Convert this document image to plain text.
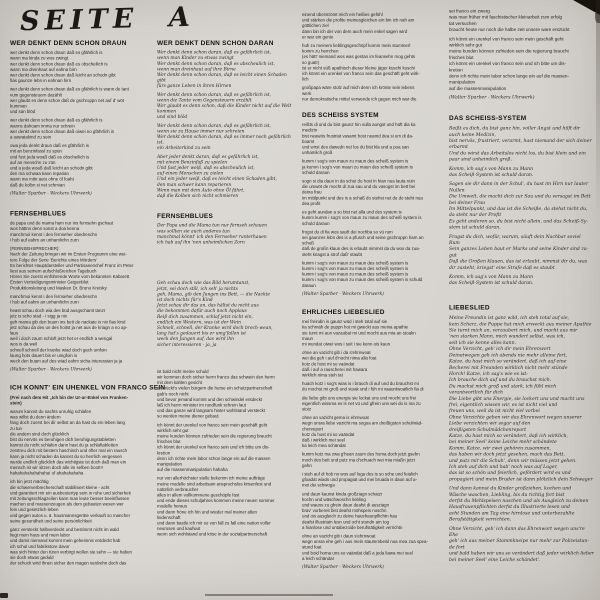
SEITE A
WER DENKT DENN SCHON DRAUN
wer denkt denn schon draun daß es gfährlich is
wann ma kinda zu wos zwingt
wer denkt denn schon draun daß es obscheilich is
wann ma dreinhaut auf eahna birn
wer denkt denn schon draun daß leicht an schodn gibt
fias gaunze lebn in eahnan hirn
wer denkt denn schon draun daß es gfährlich is wann de tant
vum gegensteuern dazählt
wer glaubt es denn schon daß de gschroppn net auf d' wöt
kumman
und san blöd
wer denkt denn schon draun daß es gfährlich is
wanns dahoam imma nur schrein
wer denkt denn schon draun daß oiwei no gfährlich is
a oawatakind zu sein
owa jeda denkt draun daß es gfährlich is
mit an benzinfassl zu spün
und fost jeda woaß daß es obscheilich is
auf an menschn zu zün
und a jeda woaß daß leicht an schodn gibt
den ma schwaa kann reparian
wann ma mitn auto ohne öl foaht
daß de kolbn si net schmian
(Walter Sparber - Weckers Uhrwerk)
FERNSEHBLUES
de papa und de mama ham nur ins fernsehn gschaut
wos hättns denn sonst a doa kenna
manchmoi kennt i den fernseher obedreschn
i hob auf eahm an unhamlichn zurn
(FERNSEHSPRECHER):
Nach der Zeitung bringen wir im Ersten Programm eine wei-
tere Folge der Serie 'Berichte eines Mörders'
Es berichtet Hauptdarsteller und Partisanenchef Franz im Peter
liest aus seinem aufschlußreichen Tagebuch
Hören Sie zuerst einführende Worte vom bekannten Kabarett
Ersten Verteidigungsminister Geigenblut
Produktionsleitung und Masken Dr. Bruno Kreisky
manchmoi kennt i den fernseher obedreschn
i hob auf eahm an unhamlichn zurn
heast schau doch wia des büd ausgschamt tanzt
jetz is scho stad - i sigg ja nix
geh mama gib den buam ins bett de nackate is nix fias kind
jetz schau da des un des hoitst ja net aus de kriagn a no ap-
laus
weil i doch zaum schloft jetzt het er endlich a wengal
wos is da weil
schnell schnell der kranke wiad doch gach umfoin
laung hots dauert bis er umgfoin is
weck den buam auf des wiad eahm sicha interessian ja ja
(Walter Sparber - Weckers Uhrwerk)
ICH KONNT' EIN UHENKEL VON FRANCO SEIN
(Frei nach dem Hit „Ich bin der Ur-ur-Enkel von Franken-
stein)
warum kannst du nachts unruhig schlafen
was willst du denn ändern
fang doch zuerst bei dir selbst an da hast du ein leben lang
zu tun
die andern sind doch glücklich
bist du nervös es beruhigen dich beruhigungstabletten
kannst du nicht schlafen dann hast du ja schlaftabletten
zerstreu dich mit bestem haschisch und öfter mal ein rausch
kann ja nicht schaden da kannst du so herrlich vergessen
werde endlich glücklich das wichtigste ist doch daß man ein
mensch ist wir sitzen doch alle im selben boot!!!
hahahahahahahaha! of ahahahahaha
ich bin jetzt mächtig
die schwerverbrecherschaft stabilisiert kleine - acht
und garantiert mir ein ausbeutertyp sein in ruhe und sicherheit
mit zeitungsschlagzeilen kann man leute besser beeinflussen
machen und massenzeugen als dem gebauten wesen wer
fein und gesetzlich leben
und gegen autos u. ä. hausmannsgeräte verkauft so mancher
seine gesundheit und seine persönlichkeit
ganz versteckt halbverdeckt und bestimmt nicht im wald
liegt mein haus und mein labor
und damit niemand kommt mein geheimnis entdeckt hab
ich schul und fabrikstore davor
was sich hinter den türen verbirgt wollen sie sehn — sie haben
sie doch etwas geduld
der schock wird ihnen sicher den magen verdrehn doch das
WER DENKT DENN SCHON DARAN
Wer denkt denn schon daran, daß es gefährlich ist,
wenn man Kinder zu etwas zwingt
Wer denkt denn schon daran, daß es abscheulich ist,
wenn man dreinhaut auf ihre Birne
Wer denkt denn schon daran, daß es leicht einen Schaden
gibt
fürs ganze Leben in ihren Hirnen
Wer denkt denn schon daran, daß es gefährlich ist,
wenn die Tante vom Gegensteuern erzählt
Wer glaubt es denn schon, daß die Kinder nicht auf die Welt
kommen
und sind blöd
Wer denkt denn schon daran, daß es gefährlich ist,
wenn sie zu Hause immer nur schreien
Wer denkt denn schon daran, daß es immer noch gefährlich
ist,
ein Arbeiterkind zu sein
Aber jeder denkt daran, daß es gefährlich ist,
mit einem Benzinfaß zu spielen
Und fast jeder weiß, daß es abscheulich ist,
auf einen Menschen zu zielen
Und ein jeder weiß, daß es leicht einen Schaden gibt,
den man schwer kann reparieren
Wenn man mit dem Auto ohne Öl fährt,
daß die Kolben sich nicht schmieren
FERNSEHBLUES
Der Papa und die Mama tun nur fernseh schauen
was sollten sie auch anderes tun
manchmal könnt' ich den Fernseher runterhauen
ich hab auf ihn 'nen unheimlichen Zorn
Geh schau doch wie das Bild herumtanzt,
jetzt, sei doch still, ich seh' ja nichts
geh, Mama, gib den Jungen ins Bett, — die Nackte
ist doch nichts für's Kind
Jetzt schau dir das an, das hältst du nicht aus
die bekommen dafür auch noch Applaus
Reiß dich zusammen, schlaf jetzt nicht ein,
endlich ein Western, was ist der Wein
Schnell, schnell, der Kranke wird doch brech-wean,
lang hat's gedauert bis er umg'fallen ist
weck den Jungen auf, das wird ihn
sicher interessieren - ja, ja
ist bald nicht meine schuld
wir kommen doch sicher herrn franco das schwein den herrn
mit dem kahlen gesicht
er drückt's vielen bürgern die hurse ein schutzpartnerschaft
gab's noch nicht
und bevor jemand kommt und den schwindel entdeckt
laß ich herrn minister im rundfunk schrein laut
und das ganze wird langsam hinter wohlstand versteckt
so werden meine diener gebaut
ich könnt der urenkel von franco sein mein geschäft geht
wirklich sehr gut
meine kunden können zufrieden sein die regierung braucht
frisches blut
ich könnt der urenkel von franco sein und ich bitte um dis-
kretion
denn ich richte mein labor schon lange ein auf die massen
manipulation
auf die massenmanipulation hahaha
nur von allerhöchster stelle bekomm ich meine aufträge
meine modelle sind arbeitsam anspruchslos krisenfest und
natürlich verbraucher
alles in allem vollkommene geschöpfe fast
und ende dieses schuljahres kommen meine neuen sommer
modelle heraus
und dann fröne ich hin und wieder mal meiner alten
leidenschaft
und dann bastle ich mir so von fall zu fall eine nation voller
neurosen und kaufwut
wenn sich wohlstand und krise in der sozialpartnerschaft
einend überströmt mich ein heißes gefühl
und stärken die profite meinesgleichen ein bin ich nah am
göttlichen ziel
dann bin ich der von dem auch mein enkel sagen wird
er war ein genie
huh zu meinem lieblingsgeschöpf komm mein stummerl
komm zu herrchen
(es hätt' niemand wos was gestan im feansehn mog gehts
so guat!)
ist er nicht süß apathisch dieser kleine jäger kuschi kuschi
ich könnt ein urenkel von franco sein das geschäft geht wirk-
lich
großpapa wäre stolz auf mich denn ich krönte sein lebens
werk
nur demokratische mittel verwende ich gegen mich war die
DES SCHEISS SYSTEM
reißts di und du bist gaunz hin vulla aungst und hüft dia ka
medizin
bist neawös frustriat vasamt host neamd dea si um di da-
boamt
und wirst des dawedn net los du bist kla und a poa san
unhamlich groß
kumm i sog's von maun zu maun des scheiß system is
ja kumm i sog's von maun zu maun des scheiß system is
schuld daraun
sogn si dia daun in da schui du host in hian nua lauta nuin
die umwöt de mocht di zua sau und du vasogst im bett bei
deina frau
im mittlpunkt und des is a schaß do stehst net du do steht nua
dea profit
es geht aundan a so bist net alla und des system is
kumm kumm i sog's von maun zu maun des scheiß system is
schuld daraun
frogst du di fia wos sauft dei nochba so vü rum
sei gaunzes lebn des is a pfusch und seine gschroppn ham an
schuß
daß de großn klaun des is erlaubt nimmst da du wos da zua-
steht kriagst a strof daß' staubt
kumm i sog's von maun zu maun des scheiß system is
kumm i sog's von maun zu maun des scheiß system is
kumm i sog's von maun zu maun des scheiß system is
kumm i sog's von maun zu maun des scheiß system is schuld
daraun
(Walter Sparber - Weckers Uhrwerk)
EHRLICHES LIEBESLIED
mei freindin is gaunz wüd i steh total auf sie
ka schmäh de puppn hot mi gweckt aus meina apathie
sie turnt mi aun vazaubat mi und mocht aus mia an stoakn
maun
mi wundat oiwei wos i seit i sie kenn ois kaun
ohne an vazicht gib i da s'ehrnwoat
wei dia geh i auf d'nocht nima alla foat
kotz du host mi so vaändat
daß i auf a rauscherei mit hawara
wirklich nima steh tat
huach kotz i sog's wias is i brauch di auf und du brauchst mi
du mochst mi groß und stoak und i füh mi vaauntwoatlich fia di
die liebe gibt uns energie sie lockat uns und mocht uns frei
eigentlich wissma es is net vü und gfrein uns wei do is ma zu
stoiz
ohne an vazicht gema is ehrnwoat
wegn unsra liebe vazicht ma sogoa am dreißigsten schulmäd-
chenreport
kotz du host mi so vaändat
daß i wirklich mei seel
ka leich mea schändat
kumm kotz ma zwa g'hean zaum des homa doch jetzt gsehn
moch des bett und putz ma d'schuach wei mia miaßn jetzt
gehn
i steh auf di hob no wos auf loga des is so sche und feialich
gfoadat wiads und propagiat und mei bruada is daun auf a-
moi dei schwoga
und daun kaunst kinda großziagn schatzi
kochn und wäschwoschn liebling
und wauns zu gfrein daun deafst di ausziagn
brav' vurbereit bist deafst möhspeis noschn
und ois ausgleich zu deine hausfraunpflichtn hau
deafst illustriatn lesn und ocht stundn am tog
a hianlose und untabezoide berufstätigkeit verrichtn
ohne an vazicht gib i daun s'ehrnwoat
wegn unsra ehe geh i aus mein staummbeisl nua mea zua spea-
stund foat
und boid homa uns so vaändat daß a jeda liawa mei seel
a leich schändat
(Walter Sparber - Weckers Uhrwerk)
sei franco ein zwerg
was man früher mit faschistischer kleinarbeit zum erfolg
tat versuchen
braucht heute nur noch die halbe zeit unsere ware entzückt
ich könnt ein urenkel von franco sein mein geschäft geht
wirklich sehr gut
meine kunden können zufrieden sein die regierung braucht
frisches blut
ich könnt ein urenkel von franco sein und ich bitte um dis-
kretion
denn ich richte mein labor schon lange ein auf die massen-
manipulation
auf die massenmanipulation
(Walter Sparber - Weckers Uhrwerk)
DAS SCHEISS-SYSTEM
Reißt es dich, du bist ganz hin, voller Angst und hilft dir
auch keine Medizin,
bist nervös, frustriert, verarmt, hast niemand der sich deiner
erbarmt
Und du wirst das Arbeitslos nicht los, du bist klein und ein
paar sind unheimlich groß.
Komm, ich sag's von Mann zu Mann
das Scheiß-System ist schuld daran.
Sagen sie dir dann in der Schul', du hast im Hirn nur lauter
Nullen
Die Umwelt, die macht dich zur Sau und du versagst im Bett
bei deiner Frau
Im Mittelpunkt, und das ist die Scheiße, da stehst nicht du,
da steht nur der Profit
Es geht anderen so, du bist nicht allein, und das Scheiß-Sy-
stem ist schuld daran.
Fragst du dich, wofür, warum, säuft dein Nachbar soviel
Rum
Sein ganzes Leben baut er Murks und seine Kinder sind zu-
gut
Daß die Großen klauen, das ist erlaubt, nimmst dir du, was
dir zusteht, kriegst' eine Strafe daß es staubt
Komm, ich sag's von Mann zu Mann
das Scheiß-System ist schuld daran.
LIEBESLIED
Meine Freundin ist ganz wild, ich steh total auf sie,
kein Scherz, die Puppe hat mich erweckt aus meiner Apathie
Sie turnt mich an, verzaubert mich, und macht aus mir
'nen starken Mann, mich wundert selbst, was ich,
seit ich sie kenne alles kann.
Ohne Verzicht, geb' ich dir mein Ehrenwort
Deinetwegen geh ich abends nie mehr alleine fort,
Katze, du hast mich so verändert, daß ich auf eine
Becherei mit Freunden wirklich nicht mehr stünde
Horch! Katze, ich sag's wie es ist:
Ich brauche dich auf und du brauchst mich.
Du machst mich groß und stark, ich fühl mich
verantwortlich für dich
Die Liebe gibt uns Energie, sie lockert uns und macht uns
frei, eigentlich wissen wir, es ist nicht viel und
freuen uns, weil da ist nicht viel vorbei
Ohne Verzichte geben wir das Ehrenwort wegen unserer
Liebe verzichten wir sogar auf den
dreißigsten Schulmädchenreport
Katze, du hast mich so verändert, daß ich wirklich,
bei meiner Seel' keine Leiche mehr schändete
Komm, Katze, wir zwei gehören zusammen,
das haben wir doch jetzt gesehen, mach das Bett,
und putz mir die Schuh', denn wir müssen jetzt gehen.
Ich steh auf dich und hab' noch was auf Lager,
das ist so schön und feierlich, gefördert wird es und
propagiert und mein Bruder ist dann plötzlich dein Schwager
Und dann kannst du Kinder großziehen, kochen und
Wäsche waschen, Liebling, bis du richtig fort bist
derfst du Mehlspeisen naschen und als Ausgleich zu deinen
Hausfrauenpflichten derfst du Illustrierte lesen und
acht Stunden am Tag eine hirnlose und unterbezahlte
Berufstätigkeit verrichten.
Ohne Verzicht, geb' ich dann das Ehrenwort wegen uns're
Ehe
geh' ich aus meiner Stammkneipe nur mehr zur Polizeistun-
de fort
und bald haben wir uns so verändert daß jeder wirklich lieber
bei meiner Seel' eine Leiche schändet'.
